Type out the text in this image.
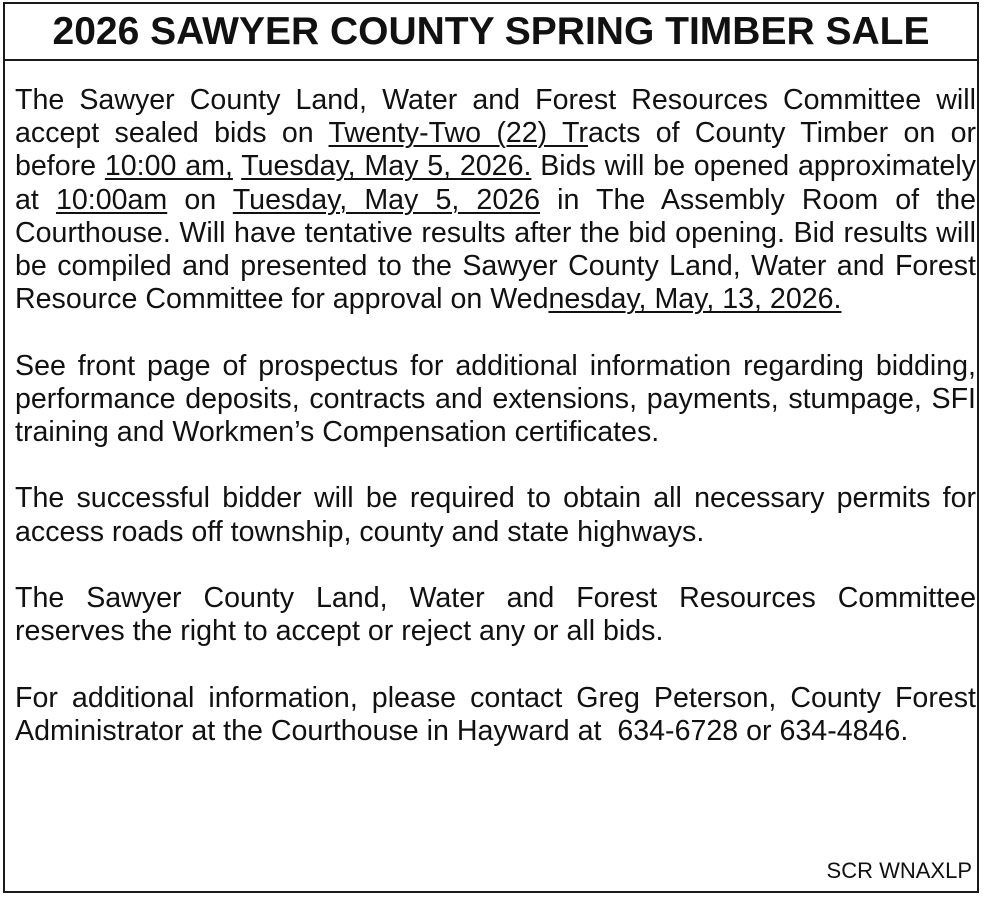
2026 SAWYER COUNTY SPRING TIMBER SALE

The Sawyer County Land, Water and Forest Resources Committee will accept sealed bids on Twenty-Two (22) Tracts of County Timber on or before 10:00 am, Tuesday, May 5, 2026. Bids will be opened approximately at 10:00am on Tuesday, May 5, 2026 in The Assembly Room of the Courthouse. Will have tentative results after the bid opening. Bid results will be compiled and presented to the Sawyer County Land, Water and Forest Resource Committee for approval on Wednesday, May, 13, 2026.

See front page of prospectus for additional information regarding bidding, performance deposits, contracts and extensions, payments, stumpage, SFI training and Workmen’s Compensation certificates.

The successful bidder will be required to obtain all necessary permits for access roads off township, county and state highways.

The Sawyer County Land, Water and Forest Resources Committee reserves the right to accept or reject any or all bids.

For additional information, please contact Greg Peterson, County Forest Administrator at the Courthouse in Hayward at  634-6728 or 634-4846.

SCR WNAXLP
